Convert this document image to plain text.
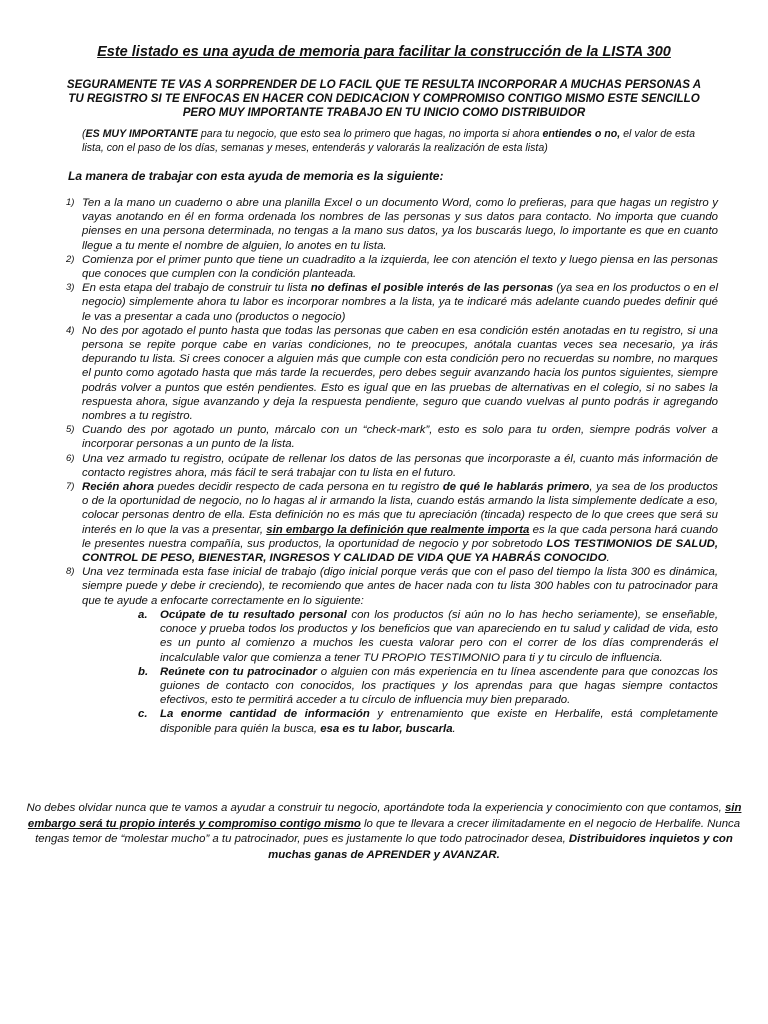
Este listado es una ayuda de memoria para facilitar la construcción de la LISTA 300
SEGURAMENTE TE VAS A SORPRENDER DE LO FACIL QUE TE RESULTA INCORPORAR A MUCHAS PERSONAS A TU REGISTRO SI TE ENFOCAS EN HACER CON DEDICACION Y COMPROMISO CONTIGO MISMO ESTE SENCILLO PERO MUY IMPORTANTE TRABAJO EN TU INICIO COMO DISTRIBUIDOR
(ES MUY IMPORTANTE para tu negocio, que esto sea lo primero que hagas, no importa si ahora entiendes o no, el valor de esta lista, con el paso de los días, semanas y meses, entenderás y valorarás la realización de esta lista)
La manera de trabajar con esta ayuda de memoria es la siguiente:
1) Ten a la mano un cuaderno o abre una planilla Excel o un documento Word, como lo prefieras, para que hagas un registro y vayas anotando en él en forma ordenada los nombres de las personas y sus datos para contacto. No importa que cuando pienses en una persona determinada, no tengas a la mano sus datos, ya los buscarás luego, lo importante es que en cuanto llegue a tu mente el nombre de alguien, lo anotes en tu lista.
2) Comienza por el primer punto que tiene un cuadradito a la izquierda, lee con atención el texto y luego piensa en las personas que conoces que cumplen con la condición planteada.
3) En esta etapa del trabajo de construir tu lista no definas el posible interés de las personas (ya sea en los productos o en el negocio) simplemente ahora tu labor es incorporar nombres a la lista, ya te indicaré más adelante cuando puedes definir qué le vas a presentar a cada uno (productos o negocio)
4) No des por agotado el punto hasta que todas las personas que caben en esa condición estén anotadas en tu registro, si una persona se repite porque cabe en varias condiciones, no te preocupes, anótala cuantas veces sea necesario, ya irás depurando tu lista. Si crees conocer a alguien más que cumple con esta condición pero no recuerdas su nombre, no marques el punto como agotado hasta que más tarde la recuerdes, pero debes seguir avanzando hacia los puntos siguientes, siempre podrás volver a puntos que estén pendientes. Esto es igual que en las pruebas de alternativas en el colegio, si no sabes la respuesta ahora, sigue avanzando y deja la respuesta pendiente, seguro que cuando vuelvas al punto podrás ir agregando nombres a tu registro.
5) Cuando des por agotado un punto, márcalo con un “check-mark”, esto es solo para tu orden, siempre podrás volver a incorporar personas a un punto de la lista.
6) Una vez armado tu registro, ocúpate de rellenar los datos de las personas que incorporaste a él, cuanto más información de contacto registres ahora, más fácil te será trabajar con tu lista en el futuro.
7) Recién ahora puedes decidir respecto de cada persona en tu registro de qué le hablarás primero, ya sea de los productos o de la oportunidad de negocio, no lo hagas al ir armando la lista, cuando estás armando la lista simplemente dedícate a eso, colocar personas dentro de ella. Esta definición no es más que tu apreciación (tincada) respecto de lo que crees que será su interés en lo que la vas a presentar, sin embargo la definición que realmente importa es la que cada persona hará cuando le presentes nuestra compañía, sus productos, la oportunidad de negocio y por sobretodo LOS TESTIMONIOS DE SALUD, CONTROL DE PESO, BIENESTAR, INGRESOS Y CALIDAD DE VIDA QUE YA HABRÁS CONOCIDO.
8) Una vez terminada esta fase inicial de trabajo (digo inicial porque verás que con el paso del tiempo la lista 300 es dinámica, siempre puede y debe ir creciendo), te recomiendo que antes de hacer nada con tu lista 300 hables con tu patrocinador para que te ayude a enfocarte correctamente en lo siguiente:
a. Ocúpate de tu resultado personal con los productos (si aún no lo has hecho seriamente), se enseñable, conoce y prueba todos los productos y los beneficios que van apareciendo en tu salud y calidad de vida, esto es un punto al comienzo a muchos les cuesta valorar pero con el correr de los días comprenderás el incalculable valor que comienza a tener TU PROPIO TESTIMONIO para ti y tu circulo de influencia.
b. Reúnete con tu patrocinador o alguien con más experiencia en tu línea ascendente para que conozcas los guiones de contacto con conocidos, los practiques y los aprendas para que hagas siempre contactos efectivos, esto te permitirá acceder a tu círculo de influencia muy bien preparado.
c. La enorme cantidad de información y entrenamiento que existe en Herbalife, está completamente disponible para quién la busca, esa es tu labor, buscarla.
No debes olvidar nunca que te vamos a ayudar a construir tu negocio, aportándote toda la experiencia y conocimiento con que contamos, sin embargo será tu propio interés y compromiso contigo mismo lo que te llevara a crecer ilimitadamente en el negocio de Herbalife. Nunca tengas temor de “molestar mucho” a tu patrocinador, pues es justamente lo que todo patrocinador desea, Distribuidores inquietos y con muchas ganas de APRENDER y AVANZAR.
